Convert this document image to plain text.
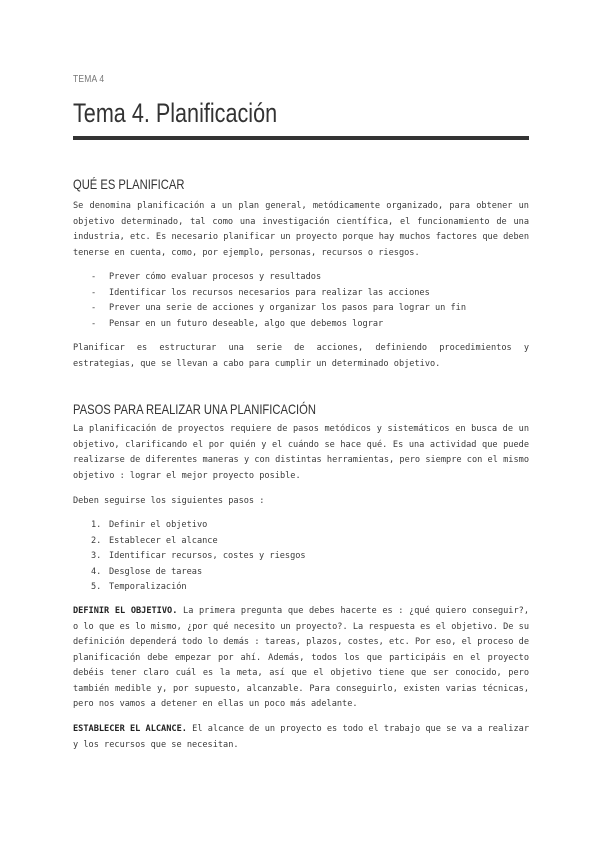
TEMA 4
Tema 4. Planificación
QUÉ ES PLANIFICAR

Se denomina planificación a un plan general, metódicamente organizado, para obtener un objetivo determinado, tal como una investigación científica, el funcionamiento de una industria, etc. Es necesario planificar un proyecto porque hay muchos factores que deben tenerse en cuenta, como, por ejemplo, personas, recursos o riesgos.

- Prever cómo evaluar procesos y resultados
- Identificar los recursos necesarios para realizar las acciones
- Prever una serie de acciones y organizar los pasos para lograr un fin
- Pensar en un futuro deseable, algo que debemos lograr

Planificar es estructurar una serie de acciones, definiendo procedimientos y estrategias, que se llevan a cabo para cumplir un determinado objetivo.

PASOS PARA REALIZAR UNA PLANIFICACIÓN

La planificación de proyectos requiere de pasos metódicos y sistemáticos en busca de un objetivo, clarificando el por quién y el cuándo se hace qué. Es una actividad que puede realizarse de diferentes maneras y con distintas herramientas, pero siempre con el mismo objetivo : lograr el mejor proyecto posible.

Deben seguirse los siguientes pasos :

1. Definir el objetivo
2. Establecer el alcance
3. Identificar recursos, costes y riesgos
4. Desglose de tareas
5. Temporalización

DEFINIR EL OBJETIVO. La primera pregunta que debes hacerte es : ¿qué quiero conseguir?, o lo que es lo mismo, ¿por qué necesito un proyecto?. La respuesta es el objetivo. De su definición dependerá todo lo demás : tareas, plazos, costes, etc. Por eso, el proceso de planificación debe empezar por ahí. Además, todos los que participáis en el proyecto debéis tener claro cuál es la meta, así que el objetivo tiene que ser conocido, pero también medible y, por supuesto, alcanzable. Para conseguirlo, existen varias técnicas, pero nos vamos a detener en ellas un poco más adelante.

ESTABLECER EL ALCANCE. El alcance de un proyecto es todo el trabajo que se va a realizar y los recursos que se necesitan.
